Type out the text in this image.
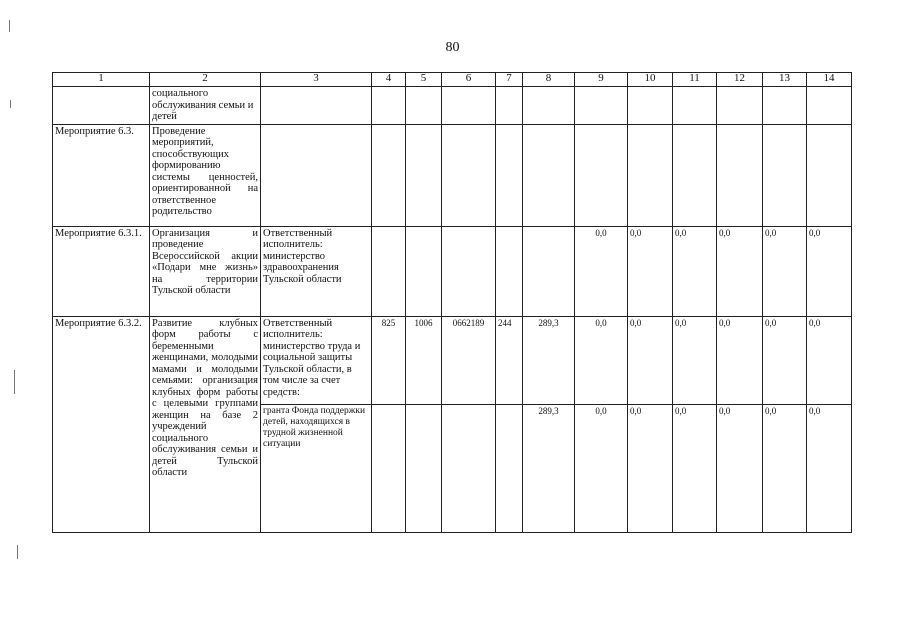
80
1	2	3	4	5	6	7	8	9	10	11	12	13	14
	социального обслуживания семьи и детей												
Мероприятие 6.3.	Проведение мероприятий, способствующих формированию системы ценностей, ориентированной на ответственное родительство												
Мероприятие 6.3.1.	Организация и проведение Всероссийской акции «Подари мне жизнь» на территории Тульской области	Ответственный исполнитель: министерство здравоохранения Тульской области						0,0	0,0	0,0	0,0	0,0	0,0
Мероприятие 6.3.2.	Развитие клубных форм работы с беременными женщинами, молодыми мамами и молодыми семьями: организация клубных форм работы с целевыми группами женщин на базе 2 учреждений социального обслуживания семьи и детей Тульской области	Ответственный исполнитель: министерство труда и социальной защиты Тульской области, в том числе за счет средств:	825	1006	0662189	244	289,3	0,0	0,0	0,0	0,0	0,0	0,0
		гранта Фонда поддержки детей, находящихся в трудной жизненной ситуации					289,3	0,0	0,0	0,0	0,0	0,0	0,0
